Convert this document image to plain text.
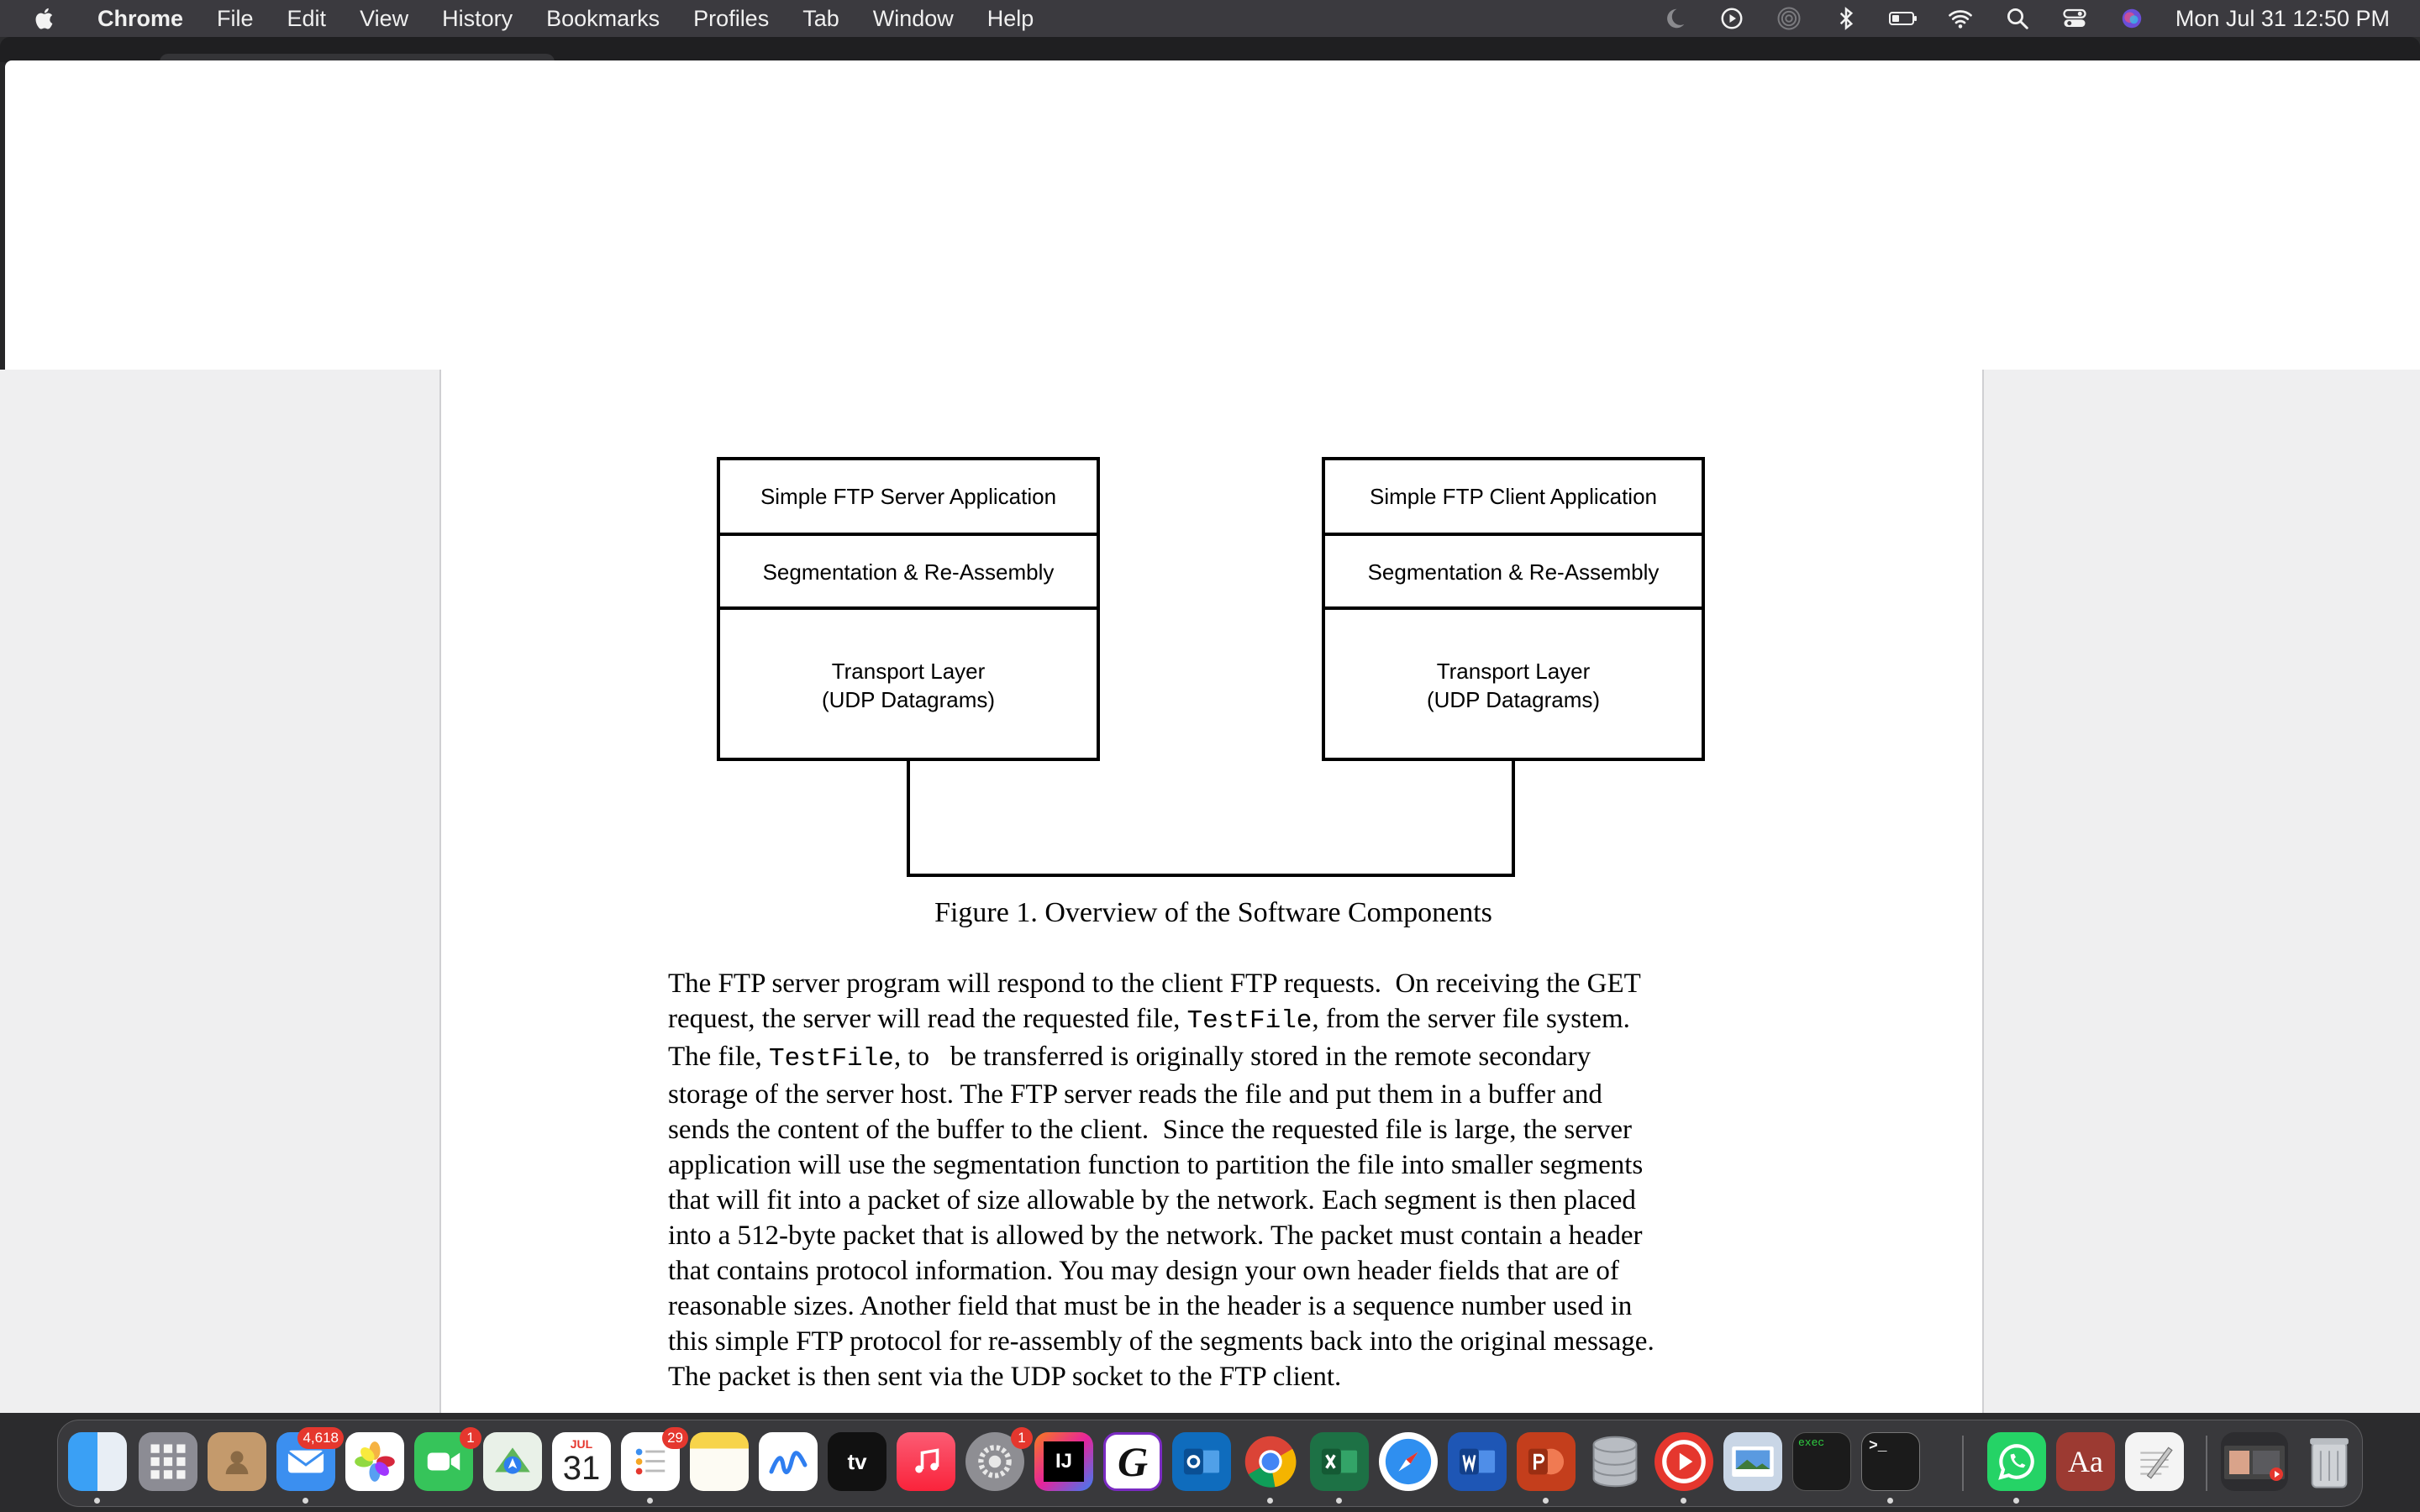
Chrome	File	Edit	View	History	Bookmarks	Profiles	Tab	Window	Help	Mon Jul 31 12:50 PM
Simple FTP Server Application
Segmentation & Re-Assembly
Transport Layer
(UDP Datagrams)
Simple FTP Client Application
Segmentation & Re-Assembly
Transport Layer
(UDP Datagrams)
Figure 1. Overview of the Software Components
The FTP server program will respond to the client FTP requests.  On receiving the GET
request, the server will read the requested file, TestFile, from the server file system.
The file, TestFile, to   be transferred is originally stored in the remote secondary
storage of the server host. The FTP server reads the file and put them in a buffer and
sends the content of the buffer to the client.  Since the requested file is large, the server
application will use the segmentation function to partition the file into smaller segments
that will fit into a packet of size allowable by the network. Each segment is then placed
into a 512-byte packet that is allowed by the network. The packet must contain a header
that contains protocol information. You may design your own header fields that are of
reasonable sizes. Another field that must be in the header is a sequence number used in
this simple FTP protocol for re-assembly of the segments back into the original message.
The packet is then sent via the UDP socket to the FTP client.
4,618	1	JUL
31
29
tv
1
IJ G	exec	>_	Aa
